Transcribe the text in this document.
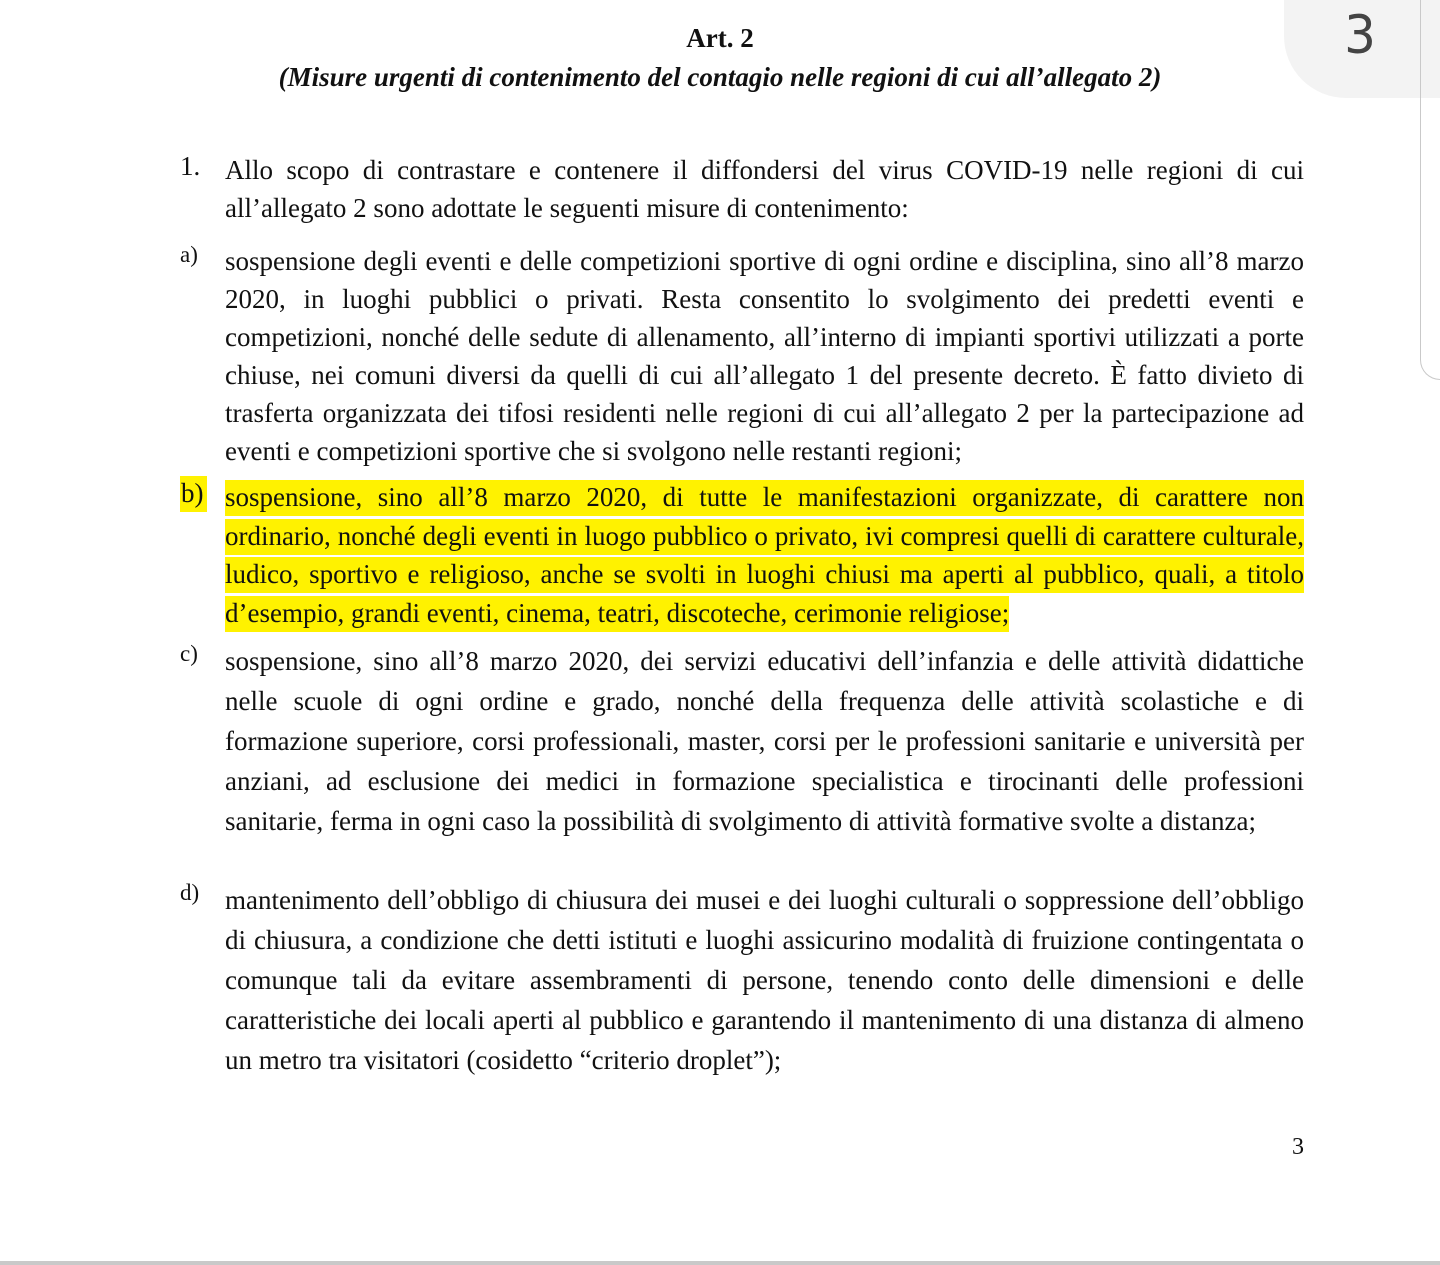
3
Art. 2
(Misure urgenti di contenimento del contagio nelle regioni di cui all’allegato 2)
1. Allo scopo di contrastare e contenere il diffondersi del virus COVID-19 nelle regioni di cui all’allegato 2 sono adottate le seguenti misure di contenimento:
a) sospensione degli eventi e delle competizioni sportive di ogni ordine e disciplina, sino all’8 marzo 2020, in luoghi pubblici o privati. Resta consentito lo svolgimento dei predetti eventi e competizioni, nonché delle sedute di allenamento, all’interno di impianti sportivi utilizzati a porte chiuse, nei comuni diversi da quelli di cui all’allegato 1 del presente decreto. È fatto divieto di trasferta organizzata dei tifosi residenti nelle regioni di cui all’allegato 2 per la partecipazione ad eventi e competizioni sportive che si svolgono nelle restanti regioni;
b) sospensione, sino all’8 marzo 2020, di tutte le manifestazioni organizzate, di carattere non ordinario, nonché degli eventi in luogo pubblico o privato, ivi compresi quelli di carattere culturale, ludico, sportivo e religioso, anche se svolti in luoghi chiusi ma aperti al pubblico, quali, a titolo d’esempio, grandi eventi, cinema, teatri, discoteche, cerimonie religiose;
c) sospensione, sino all’8 marzo 2020, dei servizi educativi dell’infanzia e delle attività didattiche nelle scuole di ogni ordine e grado, nonché della frequenza delle attività scolastiche e di formazione superiore, corsi professionali, master, corsi per le professioni sanitarie e università per anziani, ad esclusione dei medici in formazione specialistica e tirocinanti delle professioni sanitarie, ferma in ogni caso la possibilità di svolgimento di attività formative svolte a distanza;
d) mantenimento dell’obbligo di chiusura dei musei e dei luoghi culturali o soppressione dell’obbligo di chiusura, a condizione che detti istituti e luoghi assicurino modalità di fruizione contingentata o comunque tali da evitare assembramenti di persone, tenendo conto delle dimensioni e delle caratteristiche dei locali aperti al pubblico e garantendo il mantenimento di una distanza di almeno un metro tra visitatori (cosidetto “criterio droplet”);
3
